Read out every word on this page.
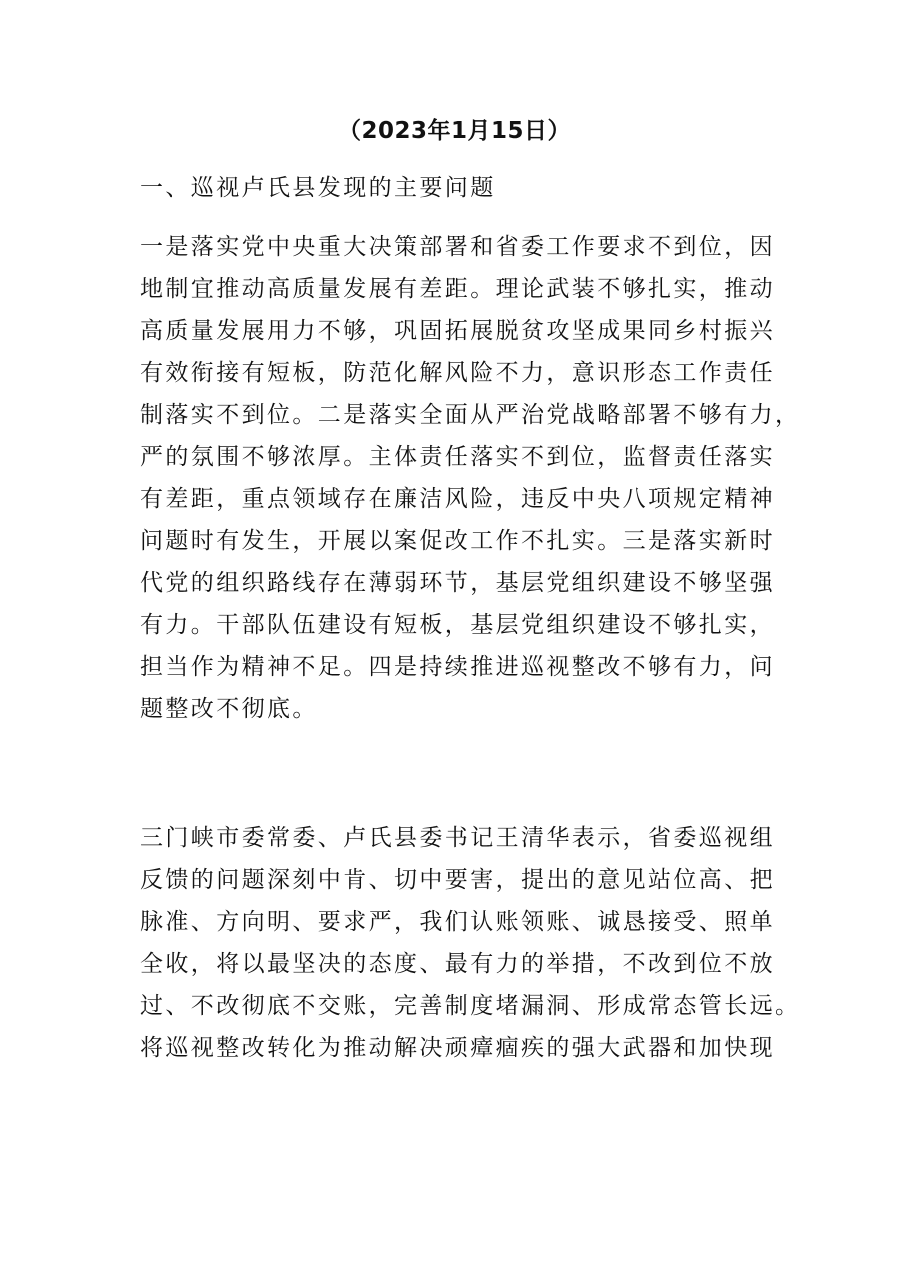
（2023年1月15日）
一、巡视卢氏县发现的主要问题
一是落实党中央重大决策部署和省委工作要求不到位，因
地制宜推动高质量发展有差距。理论武装不够扎实，推动
高质量发展用力不够，巩固拓展脱贫攻坚成果同乡村振兴
有效衔接有短板，防范化解风险不力，意识形态工作责任
制落实不到位。二是落实全面从严治党战略部署不够有力，
严的氛围不够浓厚。主体责任落实不到位，监督责任落实
有差距，重点领域存在廉洁风险，违反中央八项规定精神
问题时有发生，开展以案促改工作不扎实。三是落实新时
代党的组织路线存在薄弱环节，基层党组织建设不够坚强
有力。干部队伍建设有短板，基层党组织建设不够扎实，
担当作为精神不足。四是持续推进巡视整改不够有力，问
题整改不彻底。
三门峡市委常委、卢氏县委书记王清华表示，省委巡视组
反馈的问题深刻中肯、切中要害，提出的意见站位高、把
脉准、方向明、要求严，我们认账领账、诚恳接受、照单
全收，将以最坚决的态度、最有力的举措，不改到位不放
过、不改彻底不交账，完善制度堵漏洞、形成常态管长远。
将巡视整改转化为推动解决顽瘴痼疾的强大武器和加快现
